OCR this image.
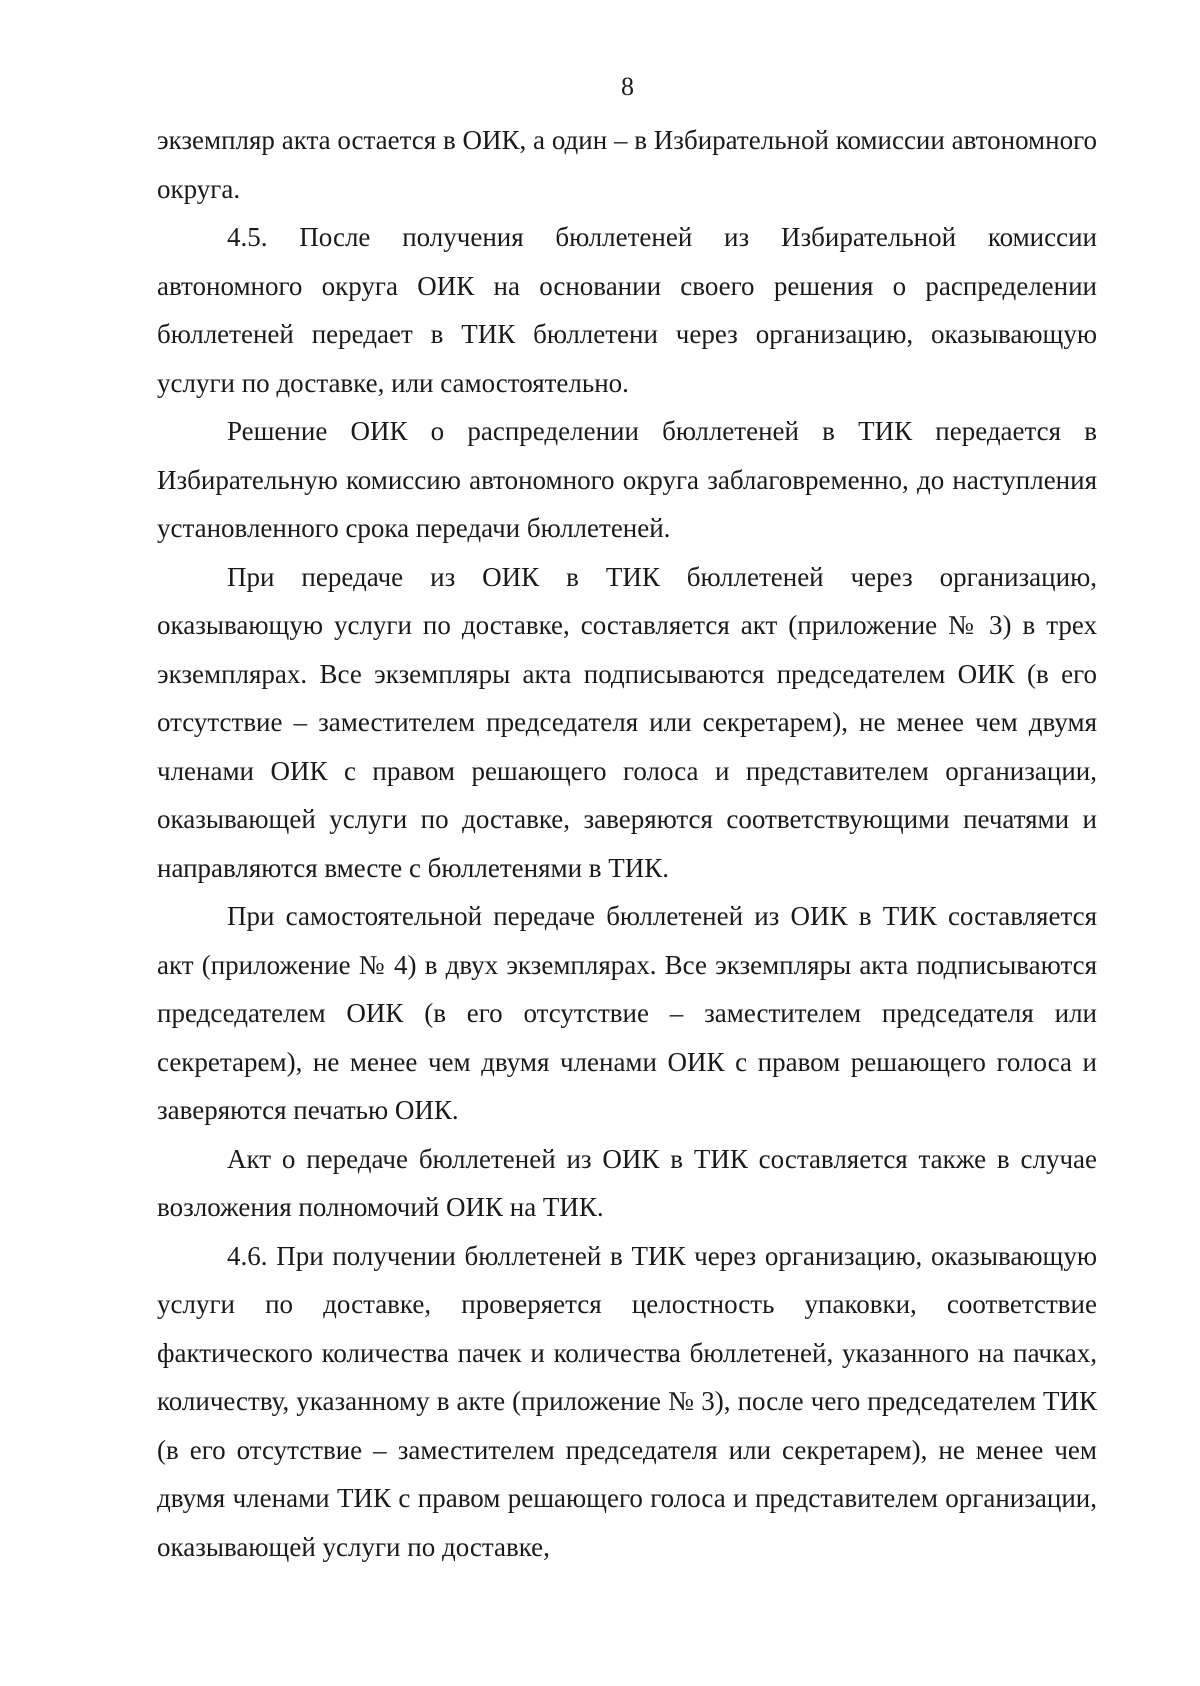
8

экземпляр акта остается в ОИК, а один – в Избирательной комиссии автономного округа.

4.5. После получения бюллетеней из Избирательной комиссии автономного округа ОИК на основании своего решения о распределении бюллетеней передает в ТИК бюллетени через организацию, оказывающую услуги по доставке, или самостоятельно.

Решение ОИК о распределении бюллетеней в ТИК передается в Избирательную комиссию автономного округа заблаговременно, до наступления установленного срока передачи бюллетеней.

При передаче из ОИК в ТИК бюллетеней через организацию, оказывающую услуги по доставке, составляется акт (приложение № 3) в трех экземплярах. Все экземпляры акта подписываются председателем ОИК (в его отсутствие – заместителем председателя или секретарем), не менее чем двумя членами ОИК с правом решающего голоса и представителем организации, оказывающей услуги по доставке, заверяются соответствующими печатями и направляются вместе с бюллетенями в ТИК.

При самостоятельной передаче бюллетеней из ОИК в ТИК составляется акт (приложение № 4) в двух экземплярах. Все экземпляры акта подписываются председателем ОИК (в его отсутствие – заместителем председателя или секретарем), не менее чем двумя членами ОИК с правом решающего голоса и заверяются печатью ОИК.

Акт о передаче бюллетеней из ОИК в ТИК составляется также в случае возложения полномочий ОИК на ТИК.

4.6. При получении бюллетеней в ТИК через организацию, оказывающую услуги по доставке, проверяется целостность упаковки, соответствие фактического количества пачек и количества бюллетеней, указанного на пачках, количеству, указанному в акте (приложение № 3), после чего председателем ТИК (в его отсутствие – заместителем председателя или секретарем), не менее чем двумя членами ТИК с правом решающего голоса и представителем организации, оказывающей услуги по доставке,
